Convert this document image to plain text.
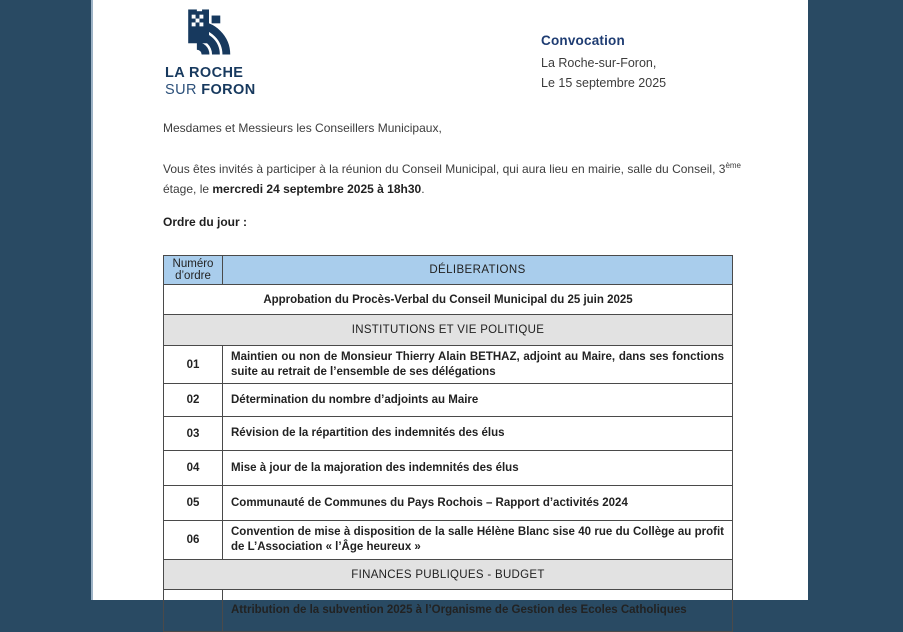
LA ROCHE
SUR FORON
Convocation
La Roche-sur-Foron,
Le 15 septembre 2025
Mesdames et Messieurs les Conseillers Municipaux,
Vous êtes invités à participer à la réunion du Conseil Municipal, qui aura lieu en mairie, salle du Conseil, 3ème étage, le mercredi 24 septembre 2025 à 18h30.
Ordre du jour :
Numéro
d’ordre	DÉLIBERATIONS
Approbation du Procès-Verbal du Conseil Municipal du 25 juin 2025	
INSTITUTIONS ET VIE POLITIQUE	
01	Maintien ou non de Monsieur Thierry Alain BETHAZ, adjoint au Maire, dans ses fonctions suite au retrait de l’ensemble de ses délégations
02	Détermination du nombre d’adjoints au Maire
03	Révision de la répartition des indemnités des élus
04	Mise à jour de la majoration des indemnités des élus
05	Communauté de Communes du Pays Rochois – Rapport d’activités 2024
06	Convention de mise à disposition de la salle Hélène Blanc sise 40 rue du Collège au profit de L’Association « l’Âge heureux »
FINANCES PUBLIQUES - BUDGET	
	Attribution de la subvention 2025 à l’Organisme de Gestion des Ecoles Catholiques
